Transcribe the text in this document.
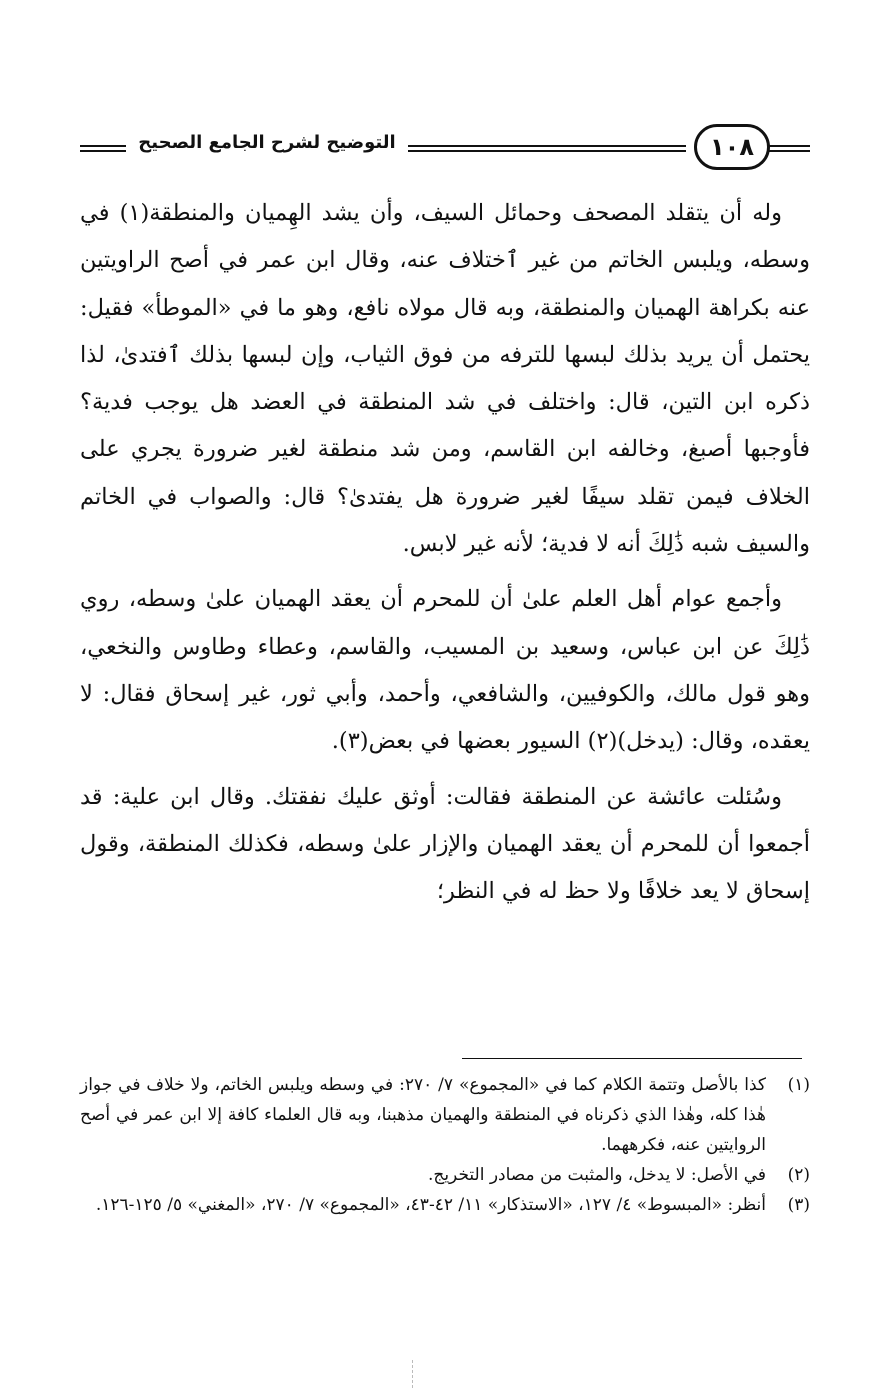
التوضيح لشرح الجامع الصحيح	١٠٨

وله أن يتقلد المصحف وحمائل السيف، وأن يشد الهِميان والمنطقة(١) في وسطه، ويلبس الخاتم من غير ٱختلاف عنه، وقال ابن عمر في أصح الراويتين عنه بكراهة الهميان والمنطقة، وبه قال مولاه نافع، وهو ما في «الموطأ» فقيل: يحتمل أن يريد بذلك لبسها للترفه من فوق الثياب، وإن لبسها بذلك ٱفتدىٰ، لذا ذكره ابن التين، قال: واختلف في شد المنطقة في العضد هل يوجب فدية؟ فأوجبها أصبغ، وخالفه ابن القاسم، ومن شد منطقة لغير ضرورة يجري على الخلاف فيمن تقلد سيفًا لغير ضرورة هل يفتدىٰ؟ قال: والصواب في الخاتم والسيف شبه ذَٰلِكَ أنه لا فدية؛ لأنه غير لابس.

وأجمع عوام أهل العلم علىٰ أن للمحرم أن يعقد الهميان علىٰ وسطه، روي ذَٰلِكَ عن ابن عباس، وسعيد بن المسيب، والقاسم، وعطاء وطاوس والنخعي، وهو قول مالك، والكوفيين، والشافعي، وأحمد، وأبي ثور، غير إسحاق فقال: لا يعقده، وقال: (يدخل)(٢) السيور بعضها في بعض(٣).

وسُئلت عائشة عن المنطقة فقالت: أوثق عليك نفقتك. وقال ابن علية: قد أجمعوا أن للمحرم أن يعقد الهميان والإزار علىٰ وسطه، فكذلك المنطقة، وقول إسحاق لا يعد خلافًا ولا حظ له في النظر؛

(١)
كذا بالأصل وتتمة الكلام كما في «المجموع» ٧/ ٢٧٠: في وسطه ويلبس الخاتم، ولا خلاف في جواز هٰذا كله، وهٰذا الذي ذكرناه في المنطقة والهميان مذهبنا، وبه قال العلماء كافة إلا ابن عمر في أصح الروايتين عنه، فكرههما.
(٢)
في الأصل: لا يدخل، والمثبت من مصادر التخريج.
(٣)
أنظر: «المبسوط» ٤/ ١٢٧، «الاستذكار» ١١/ ٤٢-٤٣، «المجموع» ٧/ ٢٧٠، «المغني» ٥/ ١٢٥-١٢٦.
